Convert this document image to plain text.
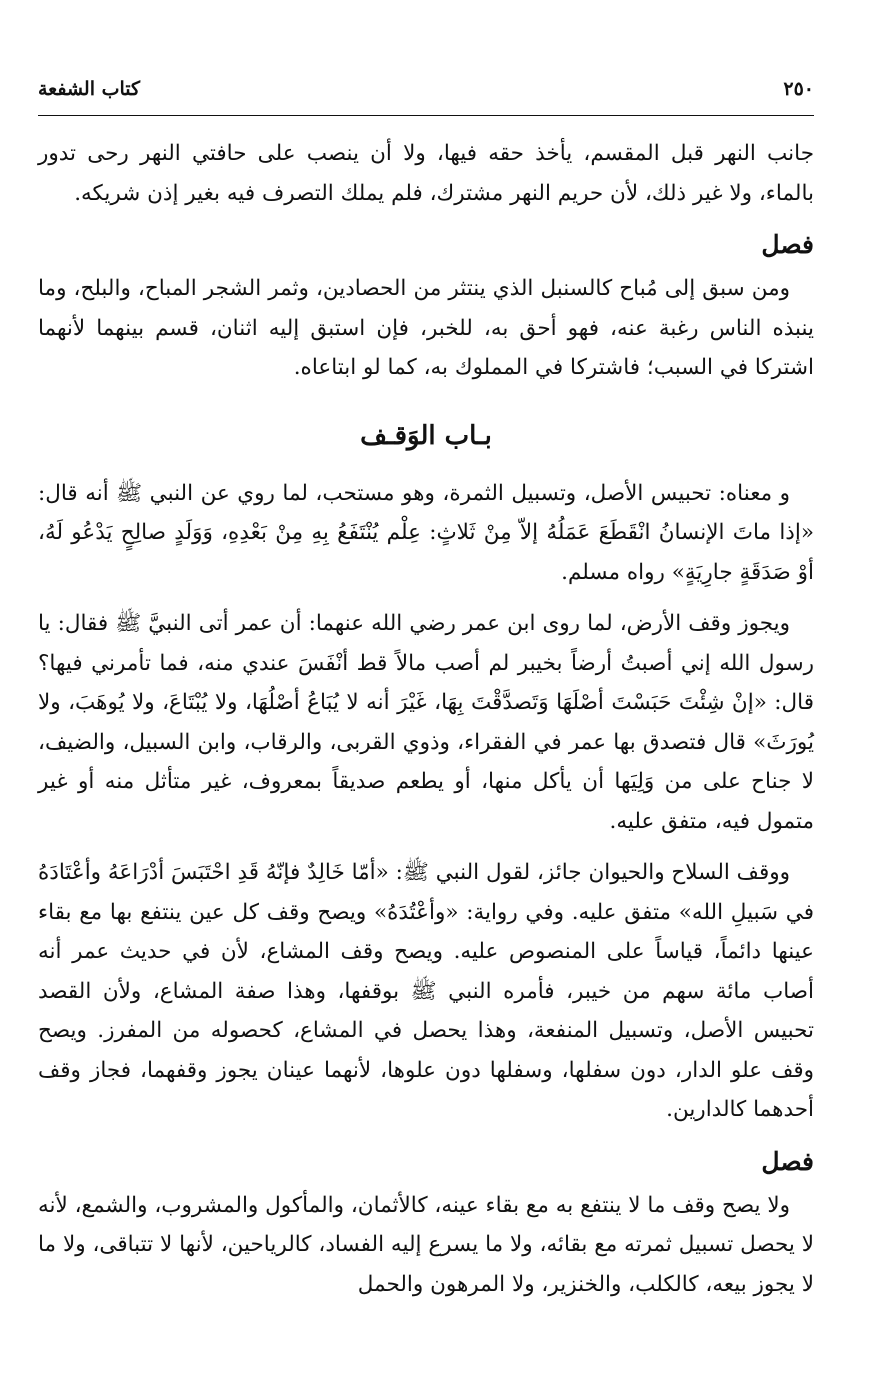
٢٥٠
كتاب الشفعة

جانب النهر قبل المقسم، يأخذ حقه فيها، ولا أن ينصب على حافتي النهر رحى تدور بالماء، ولا غير ذلك، لأن حريم النهر مشترك، فلم يملك التصرف فيه بغير إذن شريكه.

فصل

ومن سبق إلى مُباح كالسنبل الذي ينتثر من الحصادين، وثمر الشجر المباح، والبلح، وما ينبذه الناس رغبة عنه، فهو أحق به، للخبر، فإن استبق إليه اثنان، قسم بينهما لأنهما اشتركا في السبب؛ فاشتركا في المملوك به، كما لو ابتاعاه.

بـاب الوَقـف

و معناه: تحبيس الأصل، وتسبيل الثمرة، وهو مستحب، لما روي عن النبي ﷺ أنه قال: «إذا ماتَ الإنسانُ انْقَطَعَ عَمَلُهُ إلاّ مِنْ ثَلاثٍ: عِلْم يُنْتَفَعُ بِهِ مِنْ بَعْدِهِ، وَوَلَدٍ صالِحٍ يَدْعُو لَهُ، أوْ صَدَقَةٍ جارِيَةٍ» رواه مسلم.

ويجوز وقف الأرض، لما روى ابن عمر رضي الله عنهما: أن عمر أتى النبيَّ ﷺ فقال: يا رسول الله إني أصبتُ أرضاً بخيبر لم أصب مالاً قط أنْفَسَ عندي منه، فما تأمرني فيها؟ قال: «إنْ شِئْتَ حَبَسْتَ أصْلَهَا وَتَصدَّقْتَ بِهَا، غَيْرَ أنه لا يُبَاعُ أصْلُهَا، ولا يُبْتَاعَ، ولا يُوهَبَ، ولا يُورَثَ» قال فتصدق بها عمر في الفقراء، وذوي القربى، والرقاب، وابن السبيل، والضيف، لا جناح على من وَلِيَها أن يأكل منها، أو يطعم صديقاً بمعروف، غير متأثل منه أو غير متمول فيه، متفق عليه.

ووقف السلاح والحيوان جائز، لقول النبي ﷺ: «أمّا خَالِدٌ فإنّهُ قَدِ احْتَبَسَ أدْرَاعَهُ وأعْتَادَهُ في سَبيلِ الله» متفق عليه. وفي رواية: «وأعْتُدَهُ» ويصح وقف كل عين ينتفع بها مع بقاء عينها دائماً، قياساً على المنصوص عليه. ويصح وقف المشاع، لأن في حديث عمر أنه أصاب مائة سهم من خيبر، فأمره النبي ﷺ بوقفها، وهذا صفة المشاع، ولأن القصد تحبيس الأصل، وتسبيل المنفعة، وهذا يحصل في المشاع، كحصوله من المفرز. ويصح وقف علو الدار، دون سفلها، وسفلها دون علوها، لأنهما عينان يجوز وقفهما، فجاز وقف أحدهما كالدارين.

فصل

ولا يصح وقف ما لا ينتفع به مع بقاء عينه، كالأثمان، والمأكول والمشروب، والشمع، لأنه لا يحصل تسبيل ثمرته مع بقائه، ولا ما يسرع إليه الفساد، كالرياحين، لأنها لا تتباقى، ولا ما لا يجوز بيعه، كالكلب، والخنزير، ولا المرهون والحمل
